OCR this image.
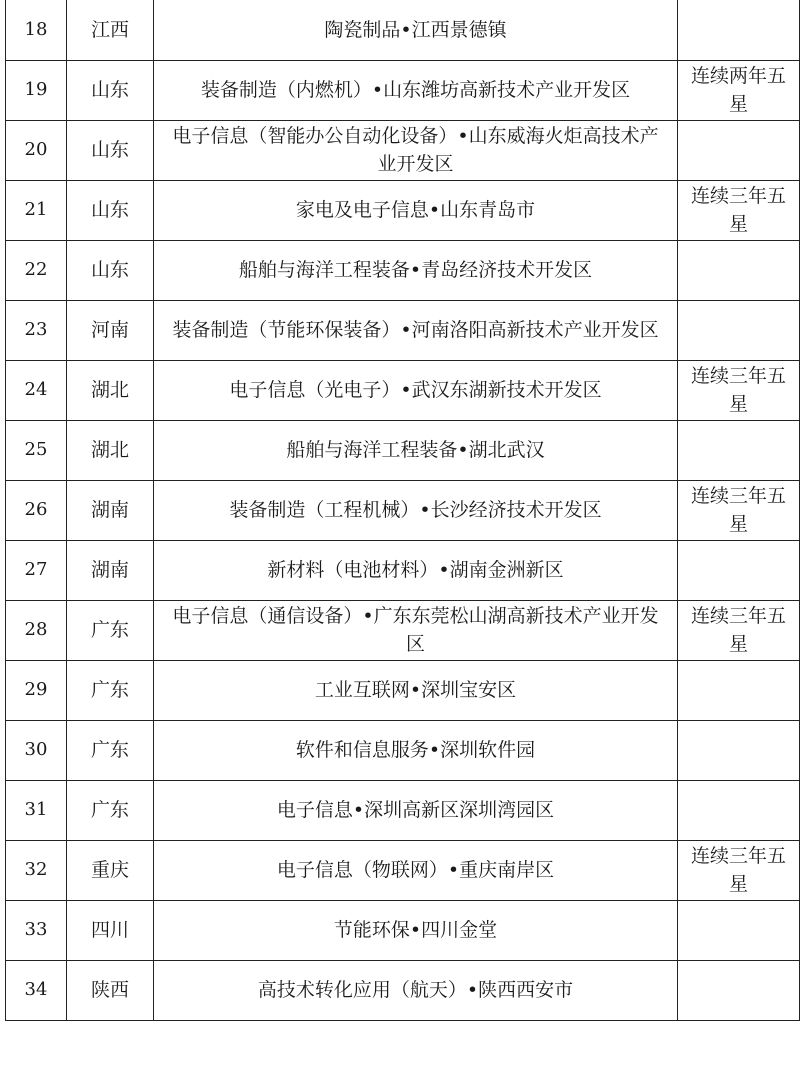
18	江西	陶瓷制品•江西景德镇	
19	山东	装备制造（内燃机）•山东潍坊高新技术产业开发区	连续两年五星
20	山东	电子信息（智能办公自动化设备）•山东威海火炬高技术产业开发区	
21	山东	家电及电子信息•山东青岛市	连续三年五星
22	山东	船舶与海洋工程装备•青岛经济技术开发区	
23	河南	装备制造（节能环保装备）•河南洛阳高新技术产业开发区	
24	湖北	电子信息（光电子）•武汉东湖新技术开发区	连续三年五星
25	湖北	船舶与海洋工程装备•湖北武汉	
26	湖南	装备制造（工程机械）•长沙经济技术开发区	连续三年五星
27	湖南	新材料（电池材料）•湖南金洲新区	
28	广东	电子信息（通信设备）•广东东莞松山湖高新技术产业开发区	连续三年五星
29	广东	工业互联网•深圳宝安区	
30	广东	软件和信息服务•深圳软件园	
31	广东	电子信息•深圳高新区深圳湾园区	
32	重庆	电子信息（物联网）•重庆南岸区	连续三年五星
33	四川	节能环保•四川金堂	
34	陕西	高技术转化应用（航天）•陕西西安市	
